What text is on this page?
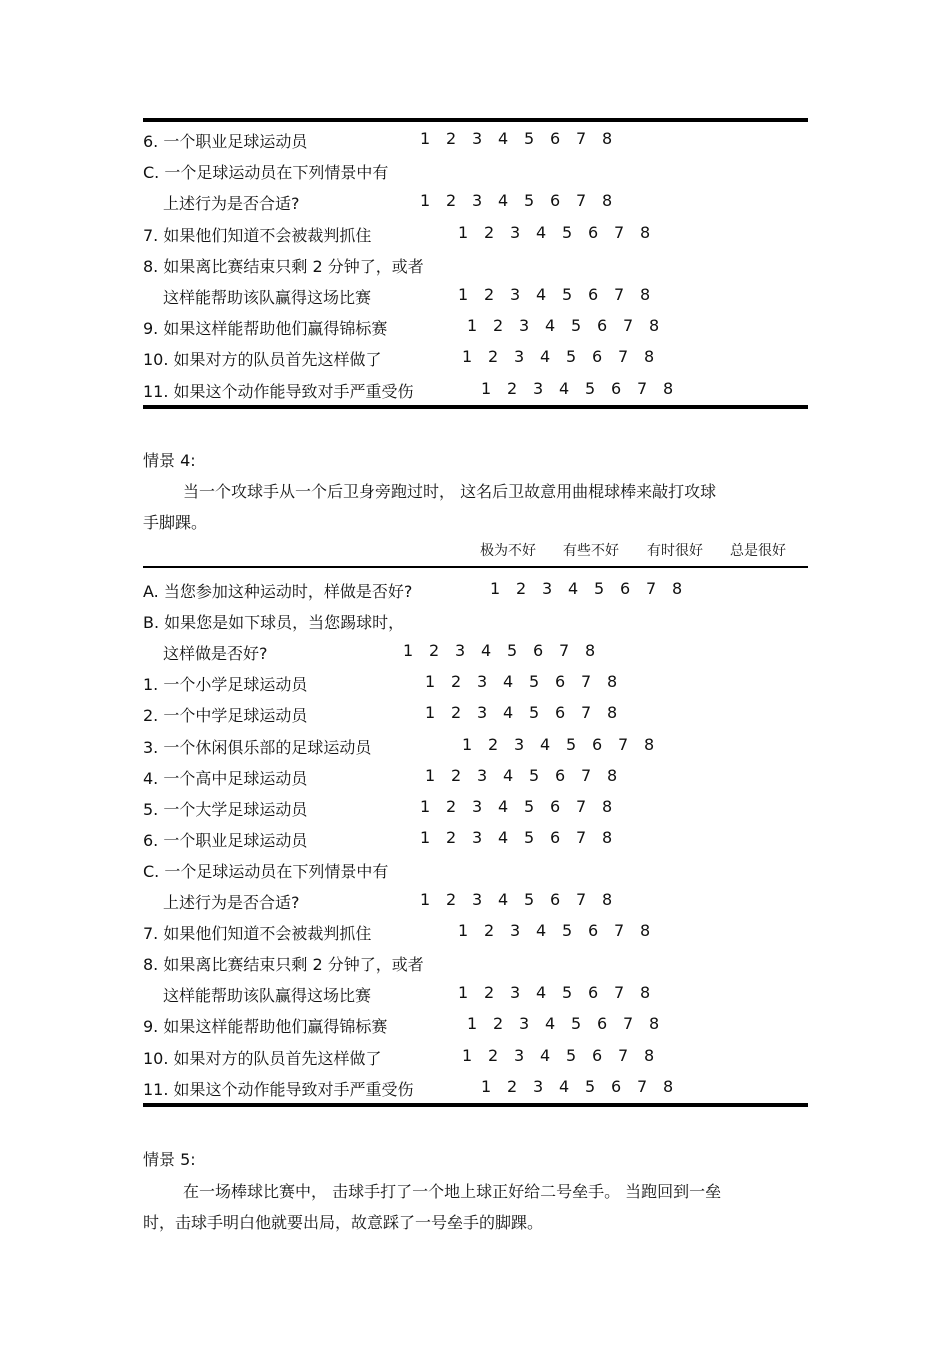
6. 一个职业足球运动员	1 2 3 4 5 6 7 8
C. 一个足球运动员在下列情景中有
上述行为是否合适?	1 2 3 4 5 6 7 8
7. 如果他们知道不会被裁判抓住	1 2 3 4 5 6 7 8
8. 如果离比赛结束只剩 2 分钟了，或者
这样能帮助该队赢得这场比赛	1 2 3 4 5 6 7 8
9. 如果这样能帮助他们赢得锦标赛	1 2 3 4 5 6 7 8
10. 如果对方的队员首先这样做了	1 2 3 4 5 6 7 8
11. 如果这个动作能导致对手严重受伤	1 2 3 4 5 6 7 8
情景 4:
当一个攻球手从一个后卫身旁跑过时， 这名后卫故意用曲棍球棒来敲打攻球
手脚踝。
极为不好 有些不好 有时很好 总是很好
A. 当您参加这种运动时，样做是否好?	1 2 3 4 5 6 7 8
B. 如果您是如下球员，当您踢球时，
这样做是否好?	1 2 3 4 5 6 7 8
1. 一个小学足球运动员	1 2 3 4 5 6 7 8
2. 一个中学足球运动员	1 2 3 4 5 6 7 8
3. 一个休闲俱乐部的足球运动员	1 2 3 4 5 6 7 8
4. 一个高中足球运动员	1 2 3 4 5 6 7 8
5. 一个大学足球运动员	1 2 3 4 5 6 7 8
6. 一个职业足球运动员	1 2 3 4 5 6 7 8
C. 一个足球运动员在下列情景中有
上述行为是否合适?	1 2 3 4 5 6 7 8
7. 如果他们知道不会被裁判抓住	1 2 3 4 5 6 7 8
8. 如果离比赛结束只剩 2 分钟了，或者
这样能帮助该队赢得这场比赛	1 2 3 4 5 6 7 8
9. 如果这样能帮助他们赢得锦标赛	1 2 3 4 5 6 7 8
10. 如果对方的队员首先这样做了	1 2 3 4 5 6 7 8
11. 如果这个动作能导致对手严重受伤	1 2 3 4 5 6 7 8
情景 5:
在一场棒球比赛中， 击球手打了一个地上球正好给二号垒手。 当跑回到一垒
时，击球手明白他就要出局，故意踩了一号垒手的脚踝。
